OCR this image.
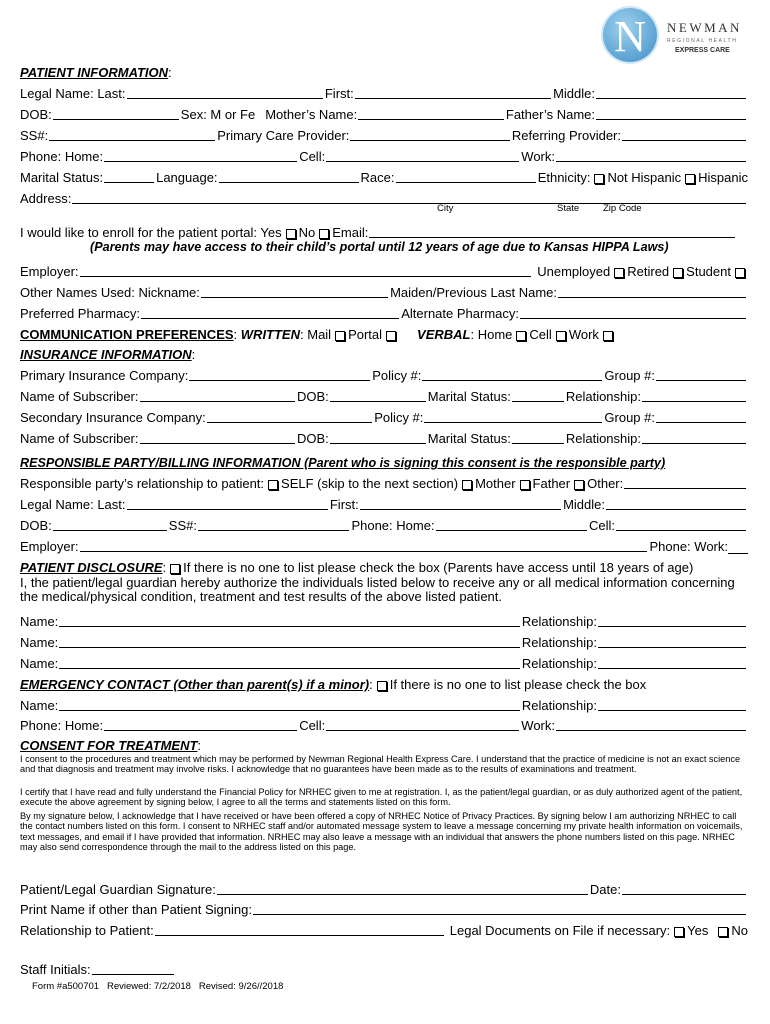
N	NEWMAN
REGIONAL HEALTH
EXPRESS CARE
PATIENT INFORMATION :
Legal Name: Last:	First:	Middle:
DOB:	Sex: M or Fe Mother’s Name:	Father’s Name:
SS#:	Primary Care Provider:	Referring Provider:
Phone: Home:	Cell:	Work:
Marital Status:	Language:	Race:	Ethnicity: Not Hispanic Hispanic
Address:
City	State	Zip Code
I would like to enroll for the patient portal: Yes No Email:
(Parents may have access to their child’s portal until 12 years of age due to Kansas HIPPA Laws)
Employer:	Unemployed Retired Student
Other Names Used: Nickname:	Maiden/Previous Last Name:
Preferred Pharmacy:	Alternate Pharmacy:
COMMUNICATION PREFERENCES : WRITTEN : Mail Portal	VERBAL : Home Cell Work
INSURANCE INFORMATION :
Primary Insurance Company:	Policy #:	Group #:
Name of Subscriber:	DOB:	Marital Status:	Relationship:
Secondary Insurance Company:	Policy #:	Group #:
Name of Subscriber:	DOB:	Marital Status:	Relationship:
RESPONSIBLE PARTY/BILLING INFORMATION (Parent who is signing this consent is the responsible party)
Responsible party’s relationship to patient: SELF (skip to the next section) Mother Father Other:
Legal Name: Last:	First:	Middle:
DOB:	SS#:	Phone: Home:	Cell:
Employer:	Phone: Work:
PATIENT DISCLOSURE : If there is no one to list please check the box (Parents have access until 18 years of age)
I, the patient/legal guardian hereby authorize the individuals listed below to receive any or all medical information concerning the medical/physical condition, treatment and test results of the above listed patient.
Name:	Relationship:
Name:	Relationship:
Name:	Relationship:
EMERGENCY CONTACT (Other than parent(s) if a minor) : If there is no one to list please check the box
Name:	Relationship:
Phone: Home:	Cell:	Work:
CONSENT FOR TREATMENT :
I consent to the procedures and treatment which may be performed by Newman Regional Health Express Care. I understand that the practice of medicine is not an exact science and that diagnosis and treatment may involve risks. I acknowledge that no guarantees have been made as to the results of examinations and treatment.
I certify that I have read and fully understand the Financial Policy for NRHEC given to me at registration. I, as the patient/legal guardian, or as duly authorized agent of the patient, execute the above agreement by signing below, I agree to all the terms and statements listed on this form.
By my signature below, I acknowledge that I have received or have been offered a copy of NRHEC Notice of Privacy Practices. By signing below I am authorizing NRHEC to call the contact numbers listed on this form. I consent to NRHEC staff and/or automated message system to leave a message concerning my private health information on voicemails, text messages, and email if I have provided that information. NRHEC may also leave a message with an individual that answers the phone numbers listed on this page. NRHEC may also send correspondence through the mail to the address listed on this page.
Patient/Legal Guardian Signature:	Date:
Print Name if other than Patient Signing:
Relationship to Patient:	Legal Documents on File if necessary: Yes No
Staff Initials:
Form #a500701   Reviewed: 7/2/2018   Revised: 9/26//2018
